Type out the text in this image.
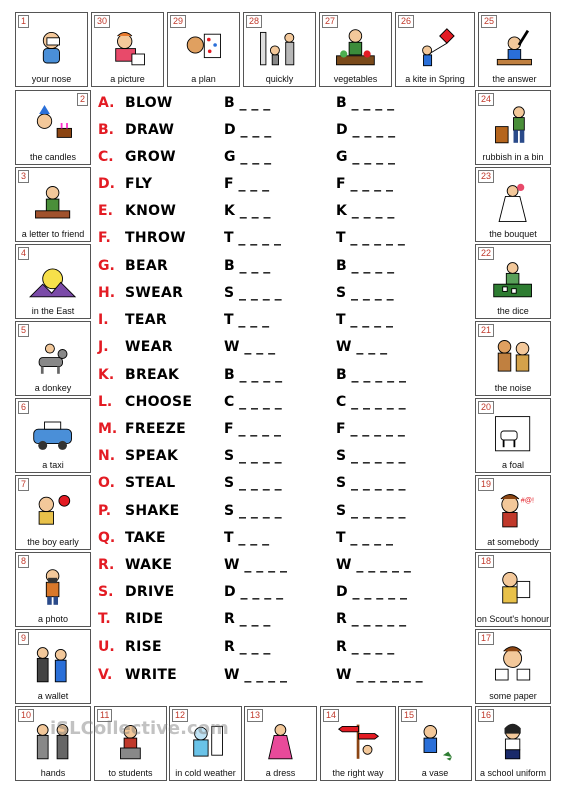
1
your nose
30
a picture
29
a plan
28
quickly
27
vegetables
26
a kite in Spring
25
the answer
2
the candles
3
a letter to friend
4
in the East
5
a donkey
6
a taxi
7
the boy early
8
a photo
9
a wallet
24
rubbish in a bin
23
the bouquet
22
the dice
21
the noise
20
a foal
19
#@!
at somebody
18
on Scout's honour
17
some paper
10
hands
11
to students
12
in cold weather
13
a dress
14
the right way
15
a vase
16
a school uniform
A. BLOW	B _ _ _	B _ _ _ _
B. DRAW	D _ _ _	D _ _ _ _
C. GROW	G _ _ _	G _ _ _ _
D. FLY	F _ _ _	F _ _ _ _
E. KNOW	K _ _ _	K _ _ _ _
F. THROW	T _ _ _ _	T _ _ _ _ _
G. BEAR	B _ _ _	B _ _ _ _
H. SWEAR	S _ _ _ _	S _ _ _ _
I. TEAR	T _ _ _	T _ _ _ _
J. WEAR	W _ _ _	W _ _ _
K. BREAK	B _ _ _ _	B _ _ _ _ _
L. CHOOSE C _ _ _ _	C _ _ _ _ _
M. FREEZE	F _ _ _ _	F _ _ _ _ _
N. SPEAK	S _ _ _ _	S _ _ _ _ _
O. STEAL	S _ _ _ _	S _ _ _ _ _
P. SHAKE	S _ _ _ _	S _ _ _ _ _
Q. TAKE	T _ _ _	T _ _ _ _
R. WAKE	W _ _ _ _	W _ _ _ _ _
S. DRIVE	D _ _ _ _	D _ _ _ _ _
T. RIDE	R _ _ _	R _ _ _ _ _
U. RISE	R _ _ _	R _ _ _ _
V. WRITE	W _ _ _ _	W _ _ _ _ _ _
iSLCollective.com
